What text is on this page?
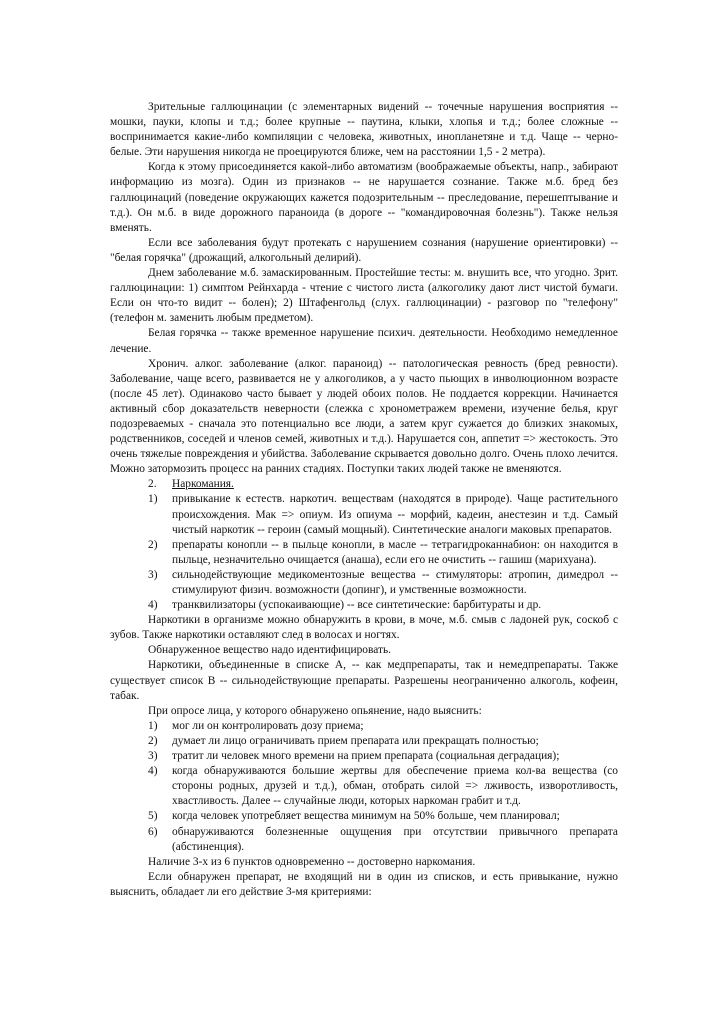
Зрительные галлюцинации (с элементарных видений -- точечные нарушения восприятия -- мошки, пауки, клопы и т.д.; более крупные -- паутина, клыки, хлопья и т.д.; более сложные -- воспринимается какие-либо компиляции с человека, животных, инопланетяне и т.д. Чаще -- черно-белые. Эти нарушения никогда не проецируются ближе, чем на расстоянии 1,5 - 2 метра).

Когда к этому присоединяется какой-либо автоматизм (воображаемые объекты, напр., забирают информацию из мозга). Один из признаков -- не нарушается сознание. Также м.б. бред без галлюцинаций (поведение окружающих кажется подозрительным -- преследование, перешептывание и т.д.). Он м.б. в виде дорожного параноида (в дороге -- "командировочная болезнь"). Также нельзя вменять.

Если все заболевания будут протекать с нарушением сознания (нарушение ориентировки) -- "белая горячка" (дрожащий, алкогольный делирий).

Днем заболевание м.б. замаскированным. Простейшие тесты: м. внушить все, что угодно. Зрит. галлюцинации: 1) симптом Рейнхарда - чтение с чистого листа (алкоголику дают лист чистой бумаги. Если он что-то видит -- болен); 2) Штафенгольд (слух. галлюцинации) - разговор по "телефону" (телефон м. заменить любым предметом).

Белая горячка -- также временное нарушение психич. деятельности. Необходимо немедленное лечение.

Хронич. алког. заболевание (алког. параноид) -- патологическая ревность (бред ревности). Заболевание, чаще всего, развивается не у алкоголиков, а у часто пьющих в инволюционном возрасте (после 45 лет). Одинаково часто бывает у людей обоих полов. Не поддается коррекции. Начинается активный сбор доказательств неверности (слежка с хронометражем времени, изучение белья, круг подозреваемых - сначала это потенциально все люди, а затем круг сужается до близких знакомых, родственников, соседей и членов семей, животных и т.д.). Нарушается сон, аппетит => жестокость. Это очень тяжелые повреждения и убийства. Заболевание скрывается довольно долго. Очень плохо лечится. Можно затормозить процесс на ранних стадиях. Поступки таких людей также не вменяются.

2. Наркомания.
1)	привыкание к естеств. наркотич. веществам (находятся в природе). Чаще растительного происхождения. Мак => опиум. Из опиума -- морфий, кадеин, анестезин и т.д. Самый чистый наркотик -- героин (самый мощный). Синтетические аналоги маковых препаратов.
2)	препараты конопли -- в пыльце конопли, в масле -- тетрагидроканнабион: он находится в пыльце, незначительно очищается (анаша), если его не очистить -- гашиш (марихуана).
3)	сильнодействующие медикоментозные вещества -- стимуляторы: атропин, димедрол -- стимулируют физич. возможности (допинг), и умственные возможности.
4)	транквилизаторы (успокаивающие) -- все синтетические: барбитураты и др.

Наркотики в организме можно обнаружить в крови, в моче, м.б. смыв с ладоней рук, соскоб с зубов. Также наркотики оставляют след в волосах и ногтях.

Обнаруженное вещество надо идентифицировать.

Наркотики, объединенные в списке А, -- как медпрепараты, так и немедпрепараты. Также существует список В -- сильнодействующие препараты. Разрешены неограниченно алкоголь, кофеин, табак.

При опросе лица, у которого обнаружено опьянение, надо выяснить:

1)	мог ли он контролировать дозу приема;
2)	думает ли лицо ограничивать прием препарата или прекращать полностью;
3)	тратит ли человек много времени на прием препарата (социальная деградация);
4)	когда обнаруживаются большие жертвы для обеспечение приема кол-ва вещества (со стороны родных, друзей и т.д.), обман, отобрать силой => лживость, изворотливость, хвастливость. Далее -- случайные люди, которых наркоман грабит и т.д.
5)	когда человек употребляет вещества минимум на 50% больше, чем планировал;
6)	обнаруживаются болезненные ощущения при отсутствии привычного препарата (абстиненция).

Наличие 3-х из 6 пунктов одновременно -- достоверно наркомания.

Если обнаружен препарат, не входящий ни в один из списков, и есть привыкание, нужно выяснить, обладает ли его действие 3-мя критериями:
